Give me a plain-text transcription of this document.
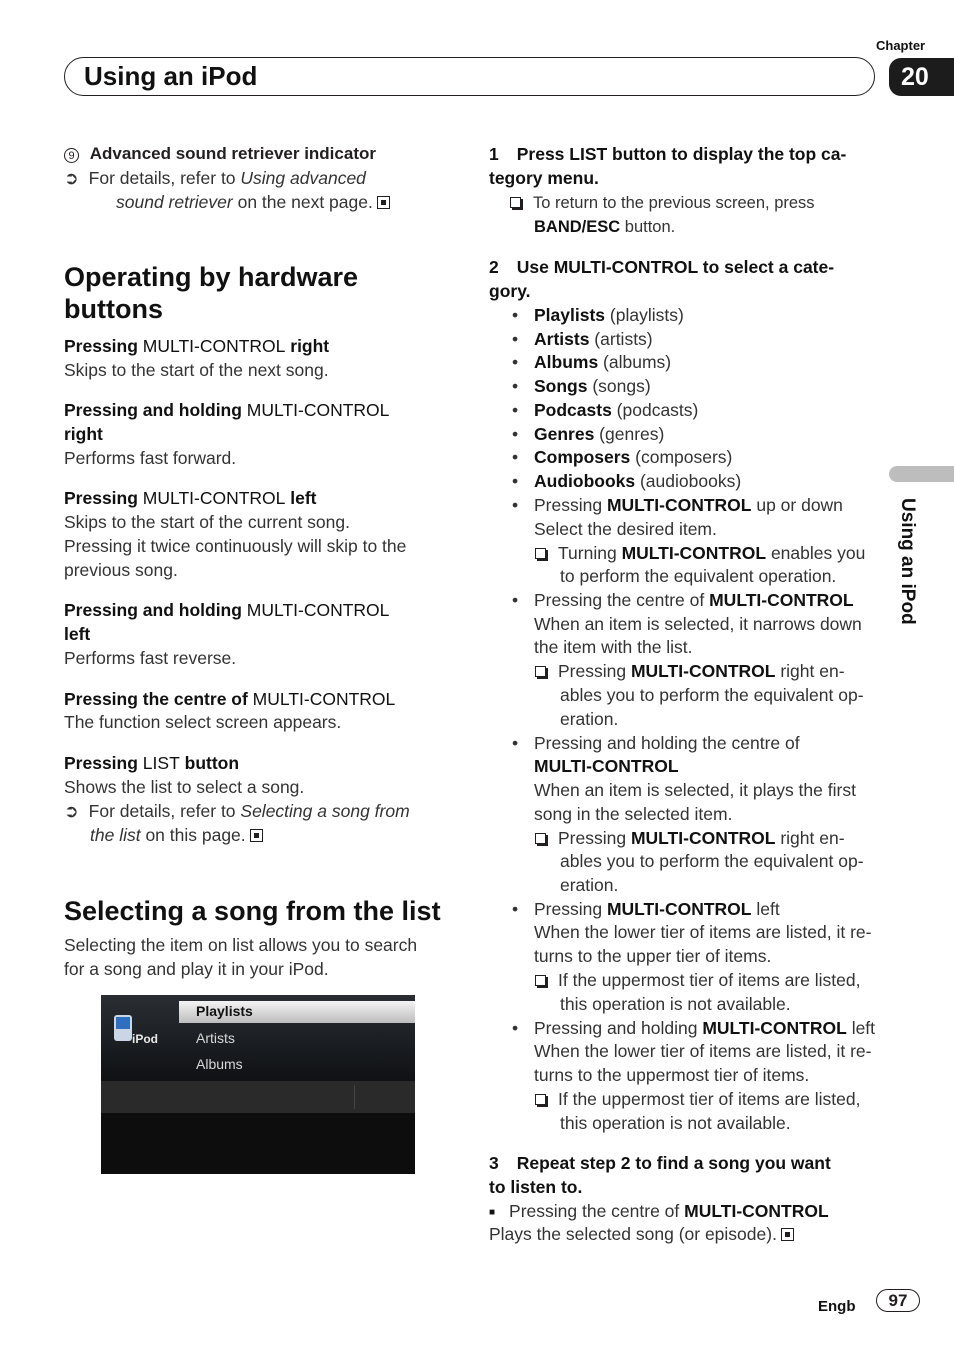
Chapter
20
Using an iPod
Using an iPod
9 Advanced sound retriever indicator
➲ For details, refer to Using advanced
sound retriever on the next page.
Operating by hardware
buttons
Pressing MULTI-CONTROL right
Skips to the start of the next song.
Pressing and holding MULTI-CONTROL
right
Performs fast forward.
Pressing MULTI-CONTROL left
Skips to the start of the current song.
Pressing it twice continuously will skip to the
previous song.
Pressing and holding MULTI-CONTROL
left
Performs fast reverse.
Pressing the centre of MULTI-CONTROL
The function select screen appears.
Pressing LIST button
Shows the list to select a song.
➲ For details, refer to Selecting a song from
the list on this page.
Selecting a song from the list
Selecting the item on list allows you to search
for a song and play it in your iPod.
iPod
Playlists
Artists
Albums
1 Press LIST button to display the top ca-
tegory menu.
To return to the previous screen, press
BAND/ESC button.
2 Use MULTI-CONTROL to select a cate-
gory.
• Playlists (playlists)
• Artists (artists)
• Albums (albums)
• Songs (songs)
• Podcasts (podcasts)
• Genres (genres)
• Composers (composers)
• Audiobooks (audiobooks)
• Pressing MULTI-CONTROL up or down
Select the desired item.
Turning MULTI-CONTROL enables you
to perform the equivalent operation.
• Pressing the centre of MULTI-CONTROL
When an item is selected, it narrows down
the item with the list.
Pressing MULTI-CONTROL right en-
ables you to perform the equivalent op-
eration.
• Pressing and holding the centre of
MULTI-CONTROL
When an item is selected, it plays the first
song in the selected item.
Pressing MULTI-CONTROL right en-
ables you to perform the equivalent op-
eration.
• Pressing MULTI-CONTROL left
When the lower tier of items are listed, it re-
turns to the upper tier of items.
If the uppermost tier of items are listed,
this operation is not available.
• Pressing and holding MULTI-CONTROL left
When the lower tier of items are listed, it re-
turns to the uppermost tier of items.
If the uppermost tier of items are listed,
this operation is not available.
3 Repeat step 2 to find a song you want
to listen to.
■ Pressing the centre of MULTI-CONTROL
Plays the selected song (or episode).
Engb	97
